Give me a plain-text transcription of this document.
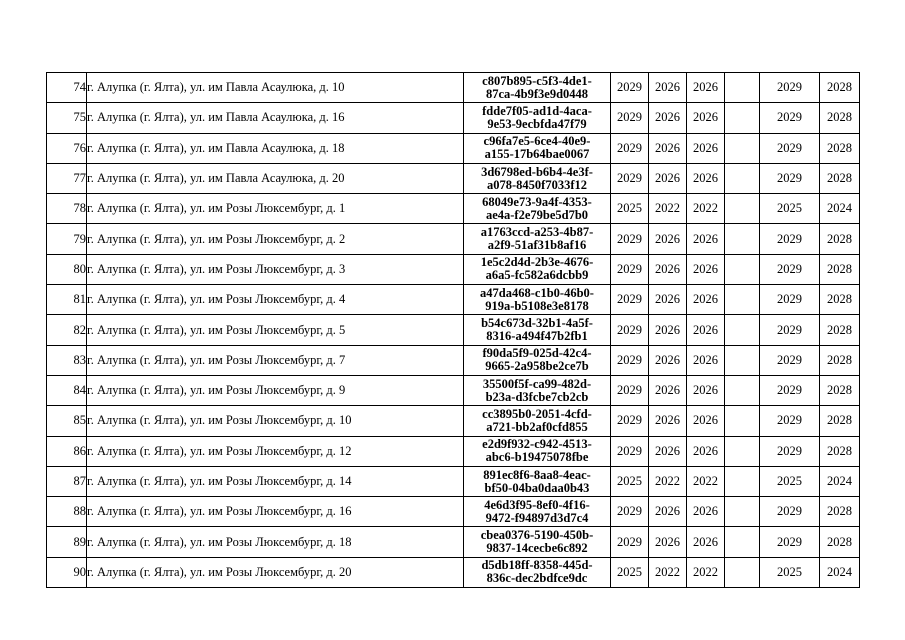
74	г. Алупка (г. Ялта), ул. им Павла Асаулюка, д. 10	c807b895-c5f3-4de1-
87ca-4b9f3e9d0448	2029	2026	2026		2029	2028
75	г. Алупка (г. Ялта), ул. им Павла Асаулюка, д. 16	fdde7f05-ad1d-4aca-
9e53-9ecbfda47f79	2029	2026	2026		2029	2028
76	г. Алупка (г. Ялта), ул. им Павла Асаулюка, д. 18	c96fa7e5-6ce4-40e9-
a155-17b64bae0067	2029	2026	2026		2029	2028
77	г. Алупка (г. Ялта), ул. им Павла Асаулюка, д. 20	3d6798ed-b6b4-4e3f-
a078-8450f7033f12	2029	2026	2026		2029	2028
78	г. Алупка (г. Ялта), ул. им Розы Люксембург, д. 1	68049e73-9a4f-4353-
ae4a-f2e79be5d7b0	2025	2022	2022		2025	2024
79	г. Алупка (г. Ялта), ул. им Розы Люксембург, д. 2	a1763ccd-a253-4b87-
a2f9-51af31b8af16	2029	2026	2026		2029	2028
80	г. Алупка (г. Ялта), ул. им Розы Люксембург, д. 3	1e5c2d4d-2b3e-4676-
a6a5-fc582a6dcbb9	2029	2026	2026		2029	2028
81	г. Алупка (г. Ялта), ул. им Розы Люксембург, д. 4	a47da468-c1b0-46b0-
919a-b5108e3e8178	2029	2026	2026		2029	2028
82	г. Алупка (г. Ялта), ул. им Розы Люксембург, д. 5	b54c673d-32b1-4a5f-
8316-a494f47b2fb1	2029	2026	2026		2029	2028
83	г. Алупка (г. Ялта), ул. им Розы Люксембург, д. 7	f90da5f9-025d-42c4-
9665-2a958be2ce7b	2029	2026	2026		2029	2028
84	г. Алупка (г. Ялта), ул. им Розы Люксембург, д. 9	35500f5f-ca99-482d-
b23a-d3fcbe7cb2cb	2029	2026	2026		2029	2028
85	г. Алупка (г. Ялта), ул. им Розы Люксембург, д. 10	cc3895b0-2051-4cfd-
a721-bb2af0cfd855	2029	2026	2026		2029	2028
86	г. Алупка (г. Ялта), ул. им Розы Люксембург, д. 12	e2d9f932-c942-4513-
abc6-b19475078fbe	2029	2026	2026		2029	2028
87	г. Алупка (г. Ялта), ул. им Розы Люксембург, д. 14	891ec8f6-8aa8-4eac-
bf50-04ba0daa0b43	2025	2022	2022		2025	2024
88	г. Алупка (г. Ялта), ул. им Розы Люксембург, д. 16	4e6d3f95-8ef0-4f16-
9472-f94897d3d7c4	2029	2026	2026		2029	2028
89	г. Алупка (г. Ялта), ул. им Розы Люксембург, д. 18	cbea0376-5190-450b-
9837-14cecbe6c892	2029	2026	2026		2029	2028
90	г. Алупка (г. Ялта), ул. им Розы Люксембург, д. 20	d5db18ff-8358-445d-
836c-dec2bdfce9dc	2025	2022	2022		2025	2024
